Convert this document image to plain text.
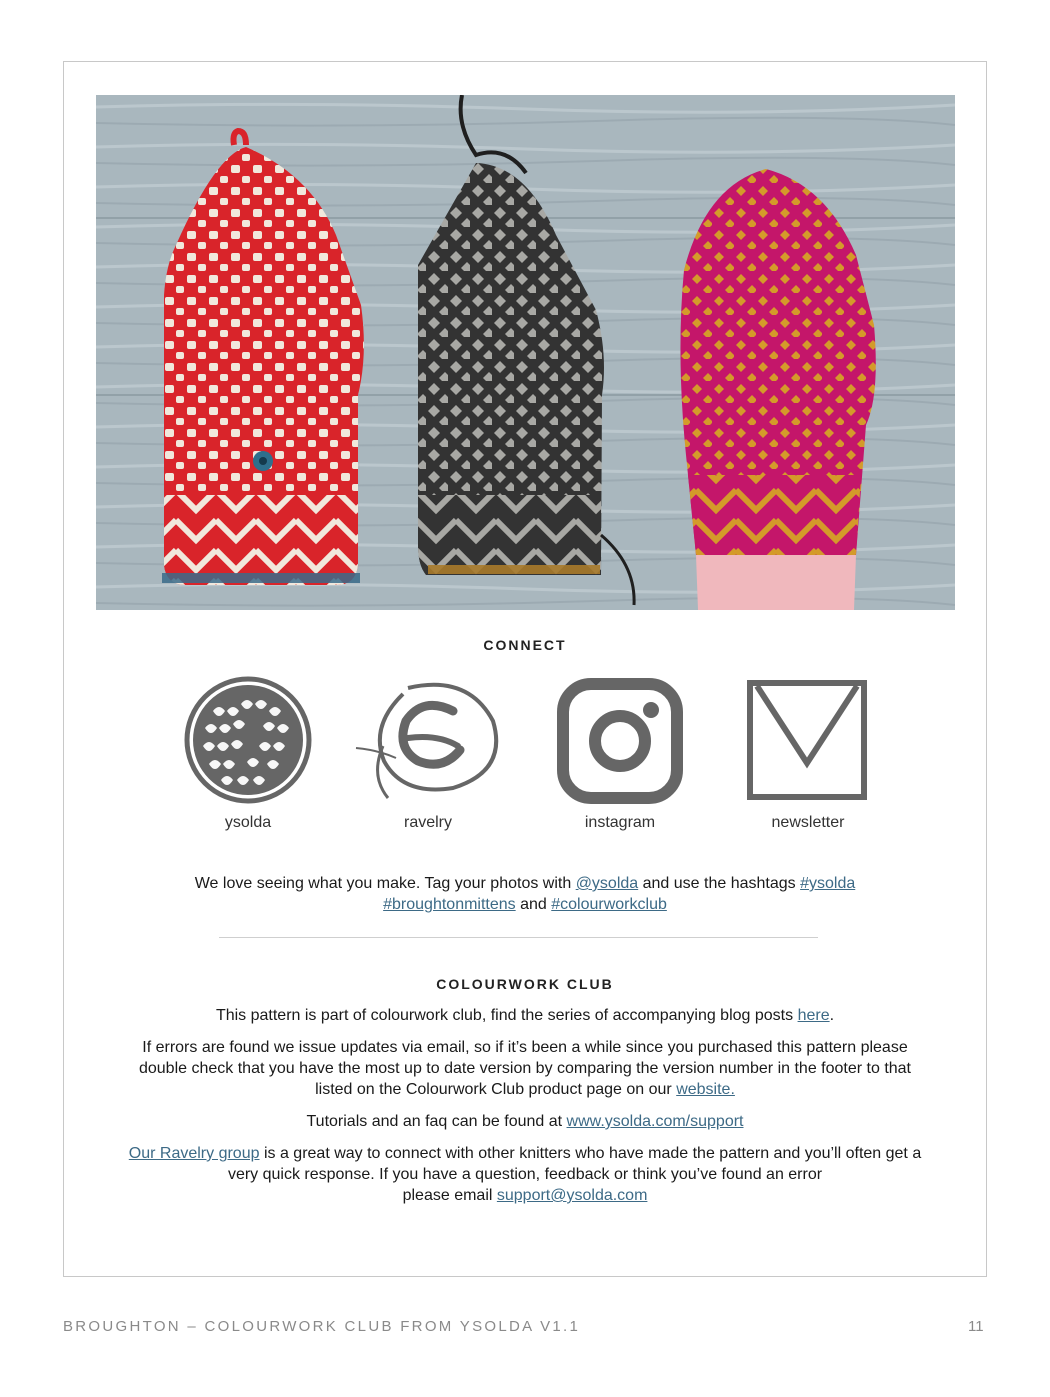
CONNECT
ysolda	ravelry	instagram	newsletter

We love seeing what you make. Tag your photos with @ysolda and use the hashtags #ysolda
#broughtonmittens and #colourworkclub

COLOURWORK CLUB

This pattern is part of colourwork club, find the series of accompanying blog posts here.

If errors are found we issue updates via email, so if it’s been a while since you purchased this pattern please double check that you have the most up to date version by comparing the version number in the footer to that listed on the Colourwork Club product page on our website.

Tutorials and an faq can be found at www.ysolda.com/support

Our Ravelry group is a great way to connect with other knitters who have made the pattern and you’ll often get a very quick response. If you have a question, feedback or think you’ve found an error
please email support@ysolda.com

BROUGHTON – COLOURWORK CLUB FROM YSOLDA V1.1	11
